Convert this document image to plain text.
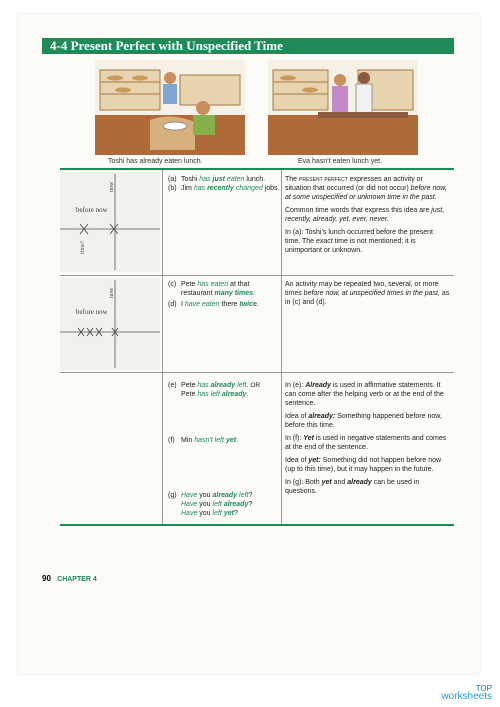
4-4 Present Perfect with Unspecified Time
Toshi has already eaten lunch.	Eva hasn’t eaten lunch yet.
before now
now
time?
before now
now
(a) Toshi has just eaten lunch.
(b) Jim has recently changed jobs.
(c) Pete has eaten at that restaurant many times.
(d) I have eaten there twice.
(e) Pete has already left. OR
Pete has left already.
(f) Min hasn't left yet.
(g) Have you already left?
Have you left already?
Have you left yet?

The present perfect expresses an activity or situation that occurred (or did not occur) before now, at some unspecified or unknown time in the past.

Common time words that express this idea are just, recently, already, yet, ever, never.

In (a): Toshi’s lunch occurred before the present time. The exact time is not mentioned; it is unimportant or unknown.

An activity may be repeated two, several, or more times before now, at unspecified times in the past, as in (c) and (d).

In (e): Already is used in affirmative statements. It can come after the helping verb or at the end of the sentence.

Idea of already: Something happened before now, before this time.

In (f): Yet is used in negative statements and comes at the end of the sentence.

Idea of yet: Something did not happen before now (up to this time), but it may happen in the future.

In (g): Both yet and already can be used in questions.

90 CHAPTER 4
TOP
worksheets
